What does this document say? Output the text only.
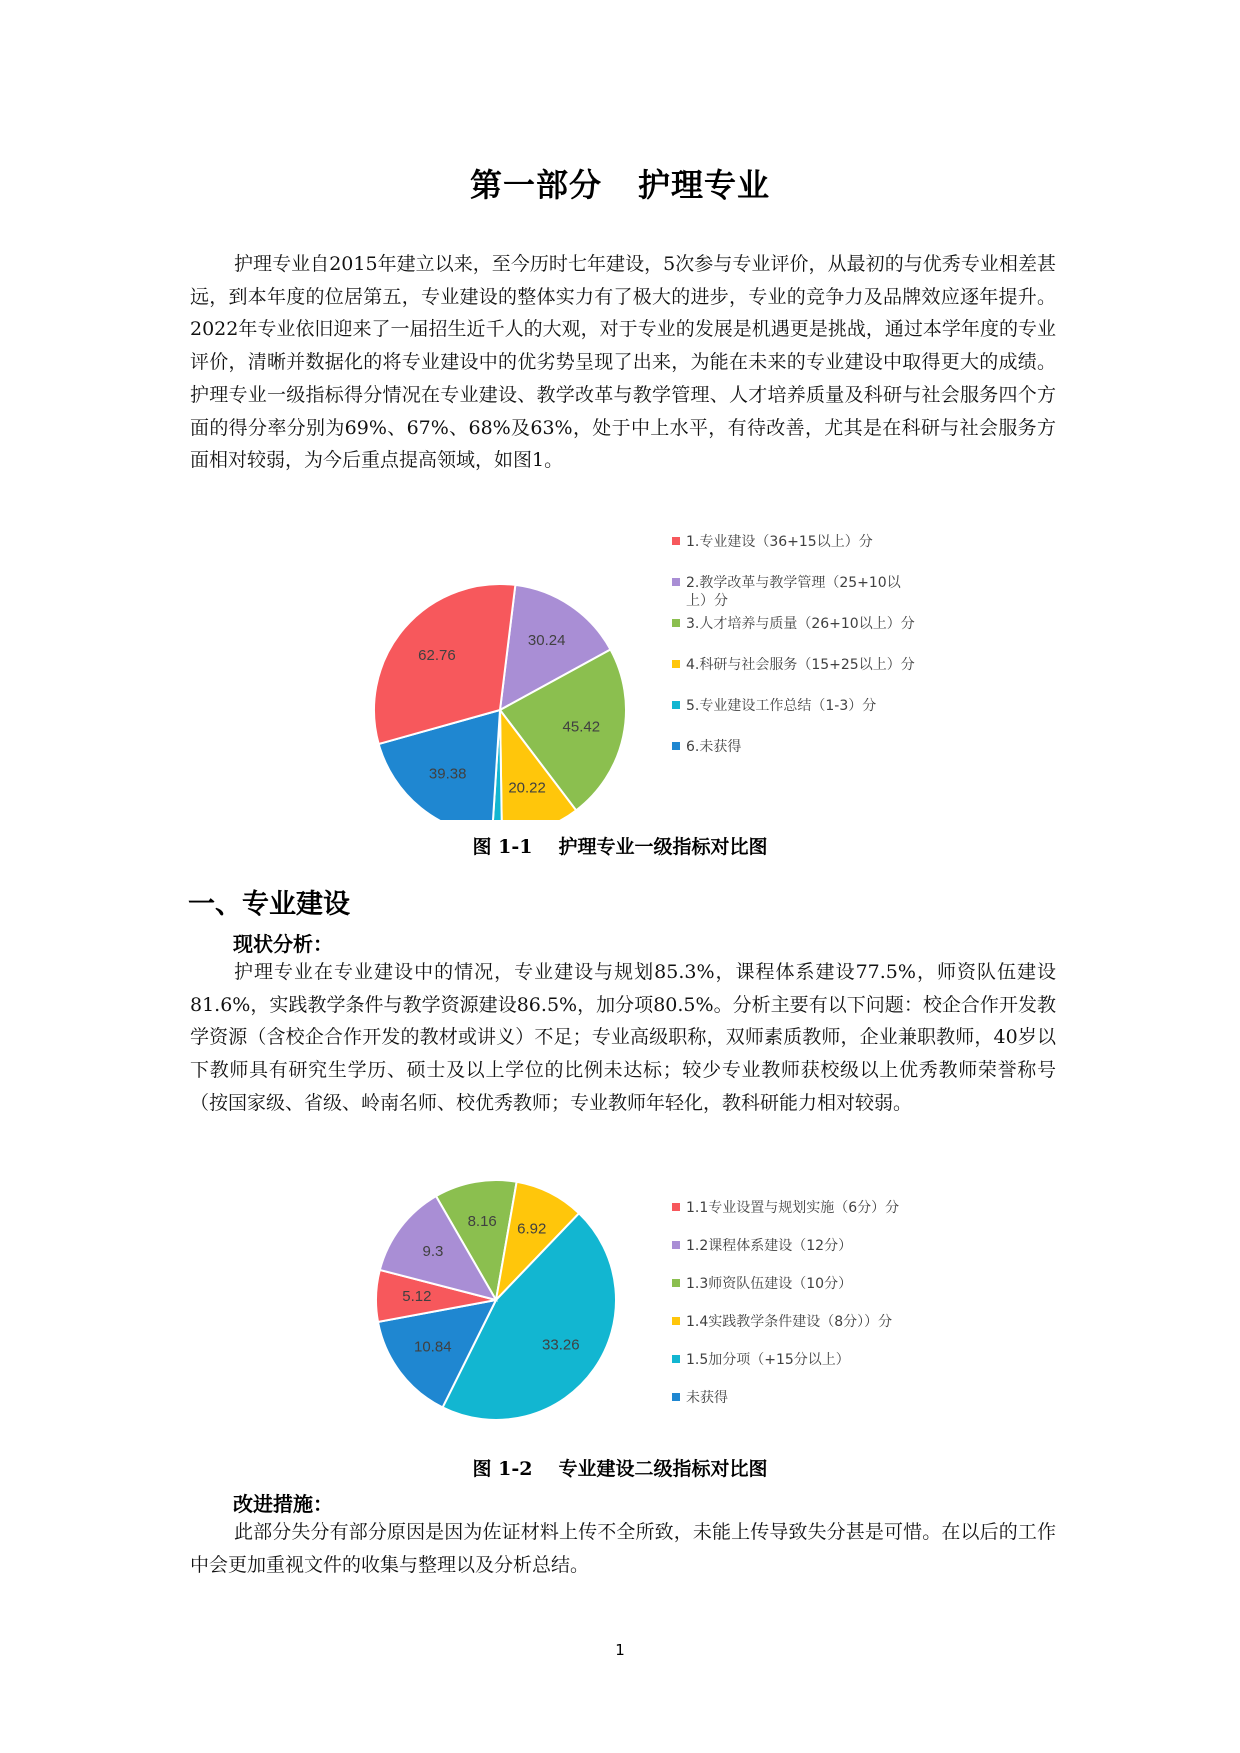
第一部分 护理专业

护理专业自2015年建立以来，至今历时七年建设，5次参与专业评价，从最初的与优秀专业相差甚远，到本年度的位居第五，专业建设的整体实力有了极大的进步，专业的竞争力及品牌效应逐年提升。2022年专业依旧迎来了一届招生近千人的大观，对于专业的发展是机遇更是挑战，通过本学年度的专业评价，清晰并数据化的将专业建设中的优劣势呈现了出来，为能在未来的专业建设中取得更大的成绩。护理专业一级指标得分情况在专业建设、教学改革与教学管理、人才培养质量及科研与社会服务四个方面的得分率分别为69%、67%、68%及63%，处于中上水平，有待改善，尤其是在科研与社会服务方面相对较弱，为今后重点提高领域，如图1。

30.24
45.42
20.22
39.38
62.76
1.专业建设（36+15以上）分
2.教学改革与教学管理（25+10以上）分
3.人才培养与质量（26+10以上）分
4.科研与社会服务（15+25以上）分
5.专业建设工作总结（1-3）分
6.未获得
图 1-1 护理专业一级指标对比图
一、专业建设
现状分析：

护理专业在专业建设中的情况，专业建设与规划85.3%，课程体系建设77.5%，师资队伍建设81.6%，实践教学条件与教学资源建设86.5%，加分项80.5%。分析主要有以下问题：校企合作开发教学资源（含校企合作开发的教材或讲义）不足；专业高级职称，双师素质教师，企业兼职教师，40岁以下教师具有研究生学历、硕士及以上学位的比例未达标；较少专业教师获校级以上优秀教师荣誉称号（按国家级、省级、岭南名师、校优秀教师；专业教师年轻化，教科研能力相对较弱。

8.16 6.92
33.26
10.84
5.12
9.3
1.1专业设置与规划实施（6分）分
1.2课程体系建设（12分）
1.3师资队伍建设（10分）
1.4实践教学条件建设（8分））分
1.5加分项（+15分以上）
未获得
图 1-2 专业建设二级指标对比图
改进措施：

此部分失分有部分原因是因为佐证材料上传不全所致，未能上传导致失分甚是可惜。在以后的工作中会更加重视文件的收集与整理以及分析总结。

1
